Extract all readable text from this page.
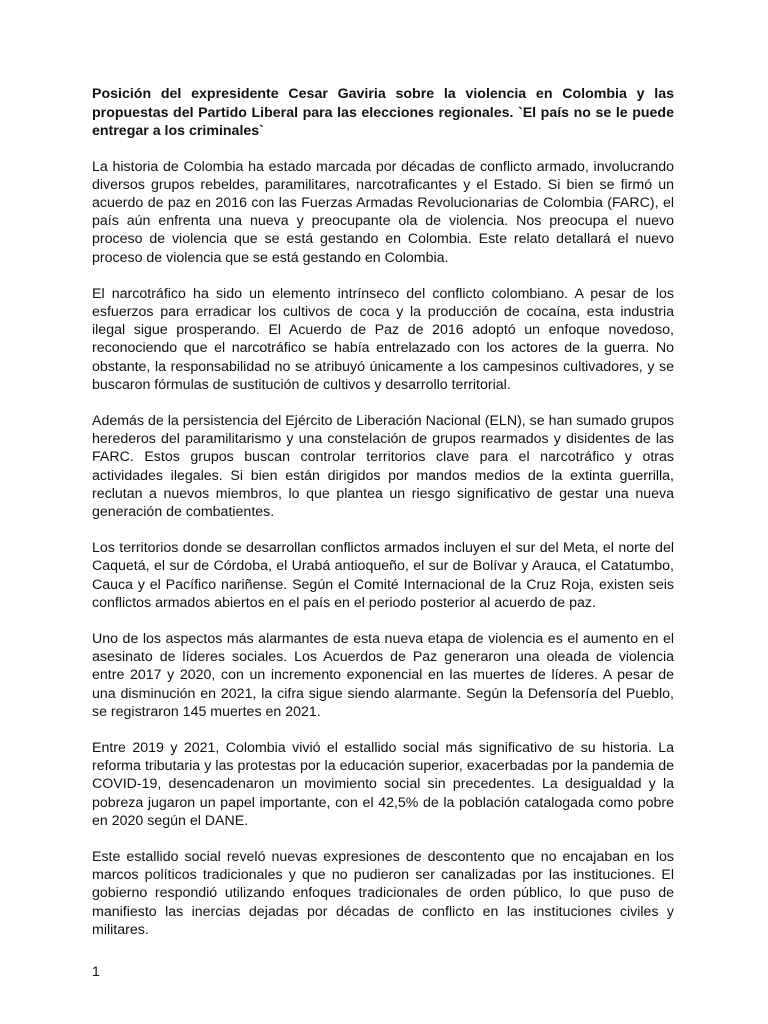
Posición del expresidente Cesar Gaviria sobre la violencia en Colombia y las propuestas del Partido Liberal para las elecciones regionales. `El país no se le puede entregar a los criminales`

La historia de Colombia ha estado marcada por décadas de conflicto armado, involucrando diversos grupos rebeldes, paramilitares, narcotraficantes y el Estado. Si bien se firmó un acuerdo de paz en 2016 con las Fuerzas Armadas Revolucionarias de Colombia (FARC), el país aún enfrenta una nueva y preocupante ola de violencia. Nos preocupa el nuevo proceso de violencia que se está gestando en Colombia. Este relato detallará el nuevo proceso de violencia que se está gestando en Colombia.

El narcotráfico ha sido un elemento intrínseco del conflicto colombiano. A pesar de los esfuerzos para erradicar los cultivos de coca y la producción de cocaína, esta industria ilegal sigue prosperando. El Acuerdo de Paz de 2016 adoptó un enfoque novedoso, reconociendo que el narcotráfico se había entrelazado con los actores de la guerra. No obstante, la responsabilidad no se atribuyó únicamente a los campesinos cultivadores, y se buscaron fórmulas de sustitución de cultivos y desarrollo territorial.

Además de la persistencia del Ejército de Liberación Nacional (ELN), se han sumado grupos herederos del paramilitarismo y una constelación de grupos rearmados y disidentes de las FARC. Estos grupos buscan controlar territorios clave para el narcotráfico y otras actividades ilegales. Si bien están dirigidos por mandos medios de la extinta guerrilla, reclutan a nuevos miembros, lo que plantea un riesgo significativo de gestar una nueva generación de combatientes.

Los territorios donde se desarrollan conflictos armados incluyen el sur del Meta, el norte del Caquetá, el sur de Córdoba, el Urabá antioqueño, el sur de Bolívar y Arauca, el Catatumbo, Cauca y el Pacífico nariñense. Según el Comité Internacional de la Cruz Roja, existen seis conflictos armados abiertos en el país en el periodo posterior al acuerdo de paz.

Uno de los aspectos más alarmantes de esta nueva etapa de violencia es el aumento en el asesinato de líderes sociales. Los Acuerdos de Paz generaron una oleada de violencia entre 2017 y 2020, con un incremento exponencial en las muertes de líderes. A pesar de una disminución en 2021, la cifra sigue siendo alarmante. Según la Defensoría del Pueblo, se registraron 145 muertes en 2021.

Entre 2019 y 2021, Colombia vivió el estallido social más significativo de su historia. La reforma tributaria y las protestas por la educación superior, exacerbadas por la pandemia de COVID-19, desencadenaron un movimiento social sin precedentes. La desigualdad y la pobreza jugaron un papel importante, con el 42,5% de la población catalogada como pobre en 2020 según el DANE.

Este estallido social reveló nuevas expresiones de descontento que no encajaban en los marcos políticos tradicionales y que no pudieron ser canalizadas por las instituciones. El gobierno respondió utilizando enfoques tradicionales de orden público, lo que puso de manifiesto las inercias dejadas por décadas de conflicto en las instituciones civiles y militares.

1
